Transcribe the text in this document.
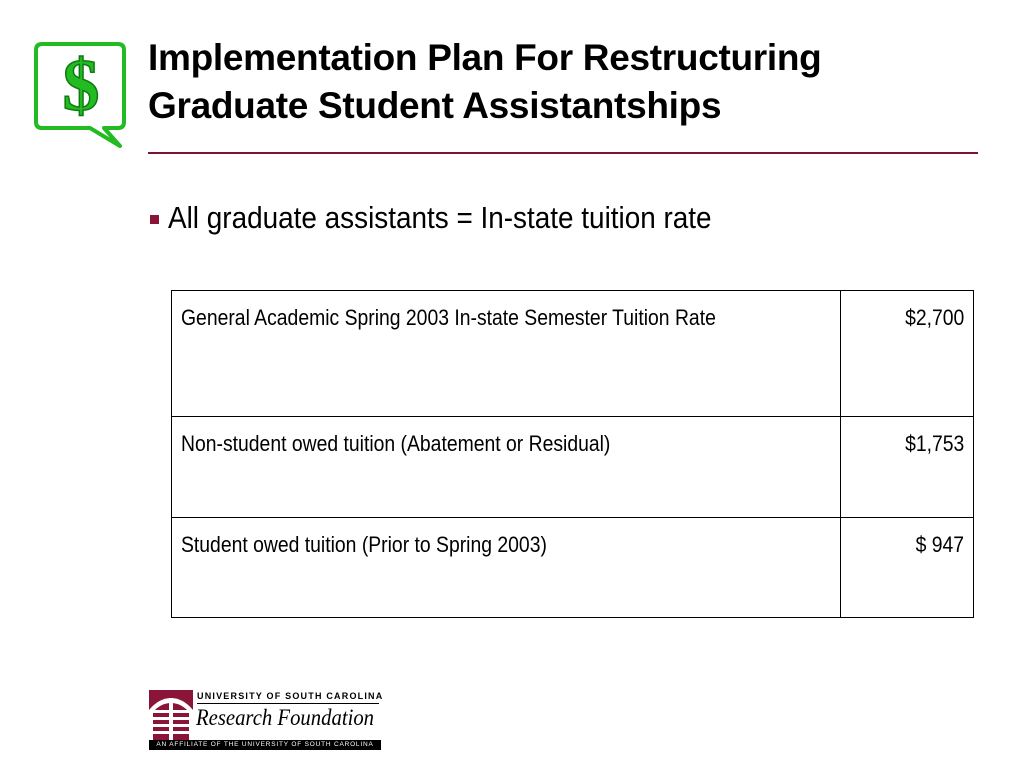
$ Implementation Plan For Restructuring
Graduate Student Assistantships
All graduate assistants = In-state tuition rate
General Academic Spring 2003 In-state Semester Tuition Rate	$2,700
Non-student owed tuition (Abatement or Residual)	$1,753
Student owed tuition (Prior to Spring 2003)	$ 947
UNIVERSITY OF SOUTH CAROLINA
Research Foundation
AN AFFILIATE OF THE UNIVERSITY OF SOUTH CAROLINA
